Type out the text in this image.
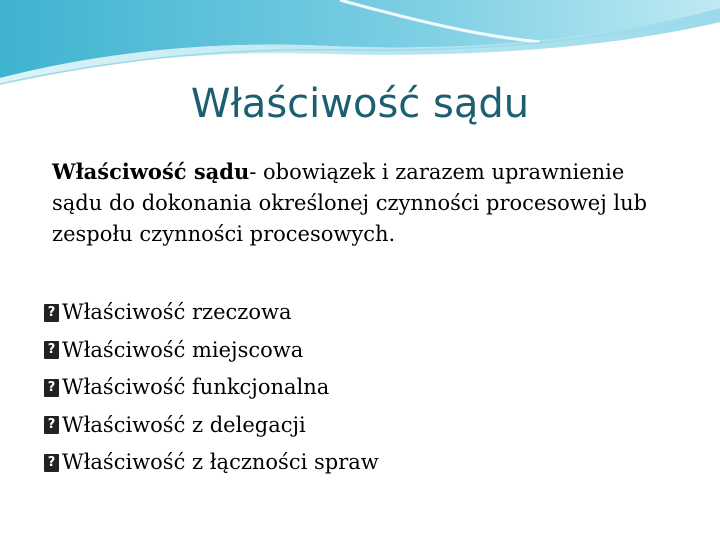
Właściwość sądu

Właściwość sądu- obowiązek i zarazem uprawnienie sądu do dokonania określonej czynności procesowej lub zespołu czynności procesowych.

?
Właściwość rzeczowa
?
Właściwość miejscowa
?
Właściwość funkcjonalna
?
Właściwość z delegacji
?
Właściwość z łączności spraw
